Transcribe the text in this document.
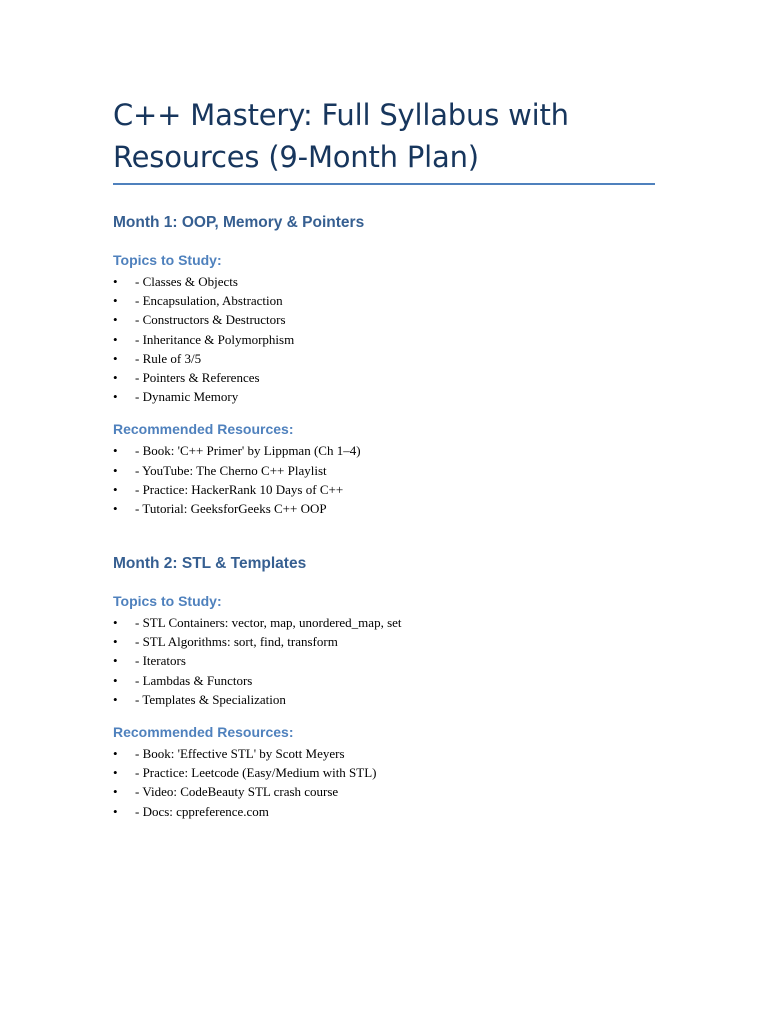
C++ Mastery: Full Syllabus with
Resources (9-Month Plan)
Month 1: OOP, Memory & Pointers
Topics to Study:
• - Classes & Objects
• - Encapsulation, Abstraction
• - Constructors & Destructors
• - Inheritance & Polymorphism
• - Rule of 3/5
• - Pointers & References
• - Dynamic Memory
Recommended Resources:
• - Book: 'C++ Primer' by Lippman (Ch 1–4)
• - YouTube: The Cherno C++ Playlist
• - Practice: HackerRank 10 Days of C++
• - Tutorial: GeeksforGeeks C++ OOP
Month 2: STL & Templates
Topics to Study:
• - STL Containers: vector, map, unordered_map, set
• - STL Algorithms: sort, find, transform
• - Iterators
• - Lambdas & Functors
• - Templates & Specialization
Recommended Resources:
• - Book: 'Effective STL' by Scott Meyers
• - Practice: Leetcode (Easy/Medium with STL)
• - Video: CodeBeauty STL crash course
• - Docs: cppreference.com
